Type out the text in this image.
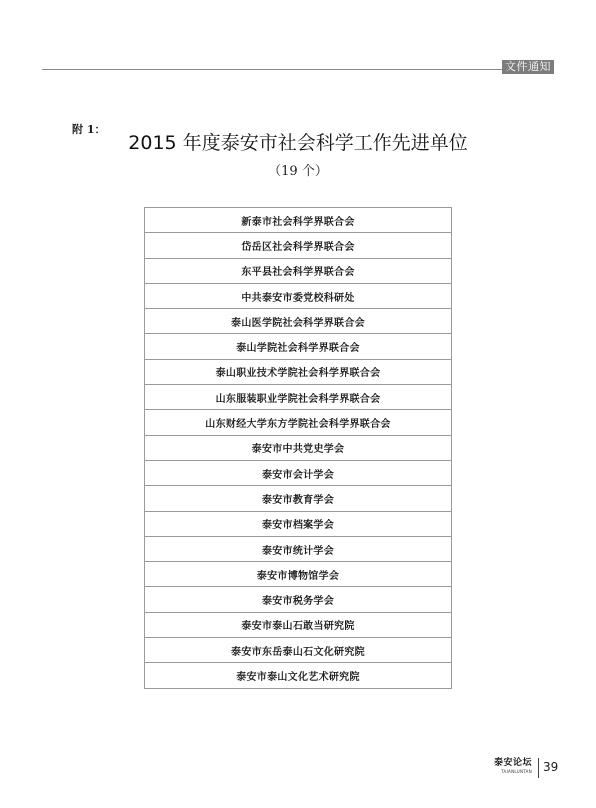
文件通知
附 1：
2015 年度泰安市社会科学工作先进单位
（19 个）
新泰市社会科学界联合会
岱岳区社会科学界联合会
东平县社会科学界联合会
中共泰安市委党校科研处
泰山医学院社会科学界联合会
泰山学院社会科学界联合会
泰山职业技术学院社会科学界联合会
山东服装职业学院社会科学界联合会
山东财经大学东方学院社会科学界联合会
泰安市中共党史学会
泰安市会计学会
泰安市教育学会
泰安市档案学会
泰安市统计学会
泰安市博物馆学会
泰安市税务学会
泰安市泰山石敢当研究院
泰安市东岳泰山石文化研究院
泰安市泰山文化艺术研究院
泰安论坛
TAIANLUNTAN 39
